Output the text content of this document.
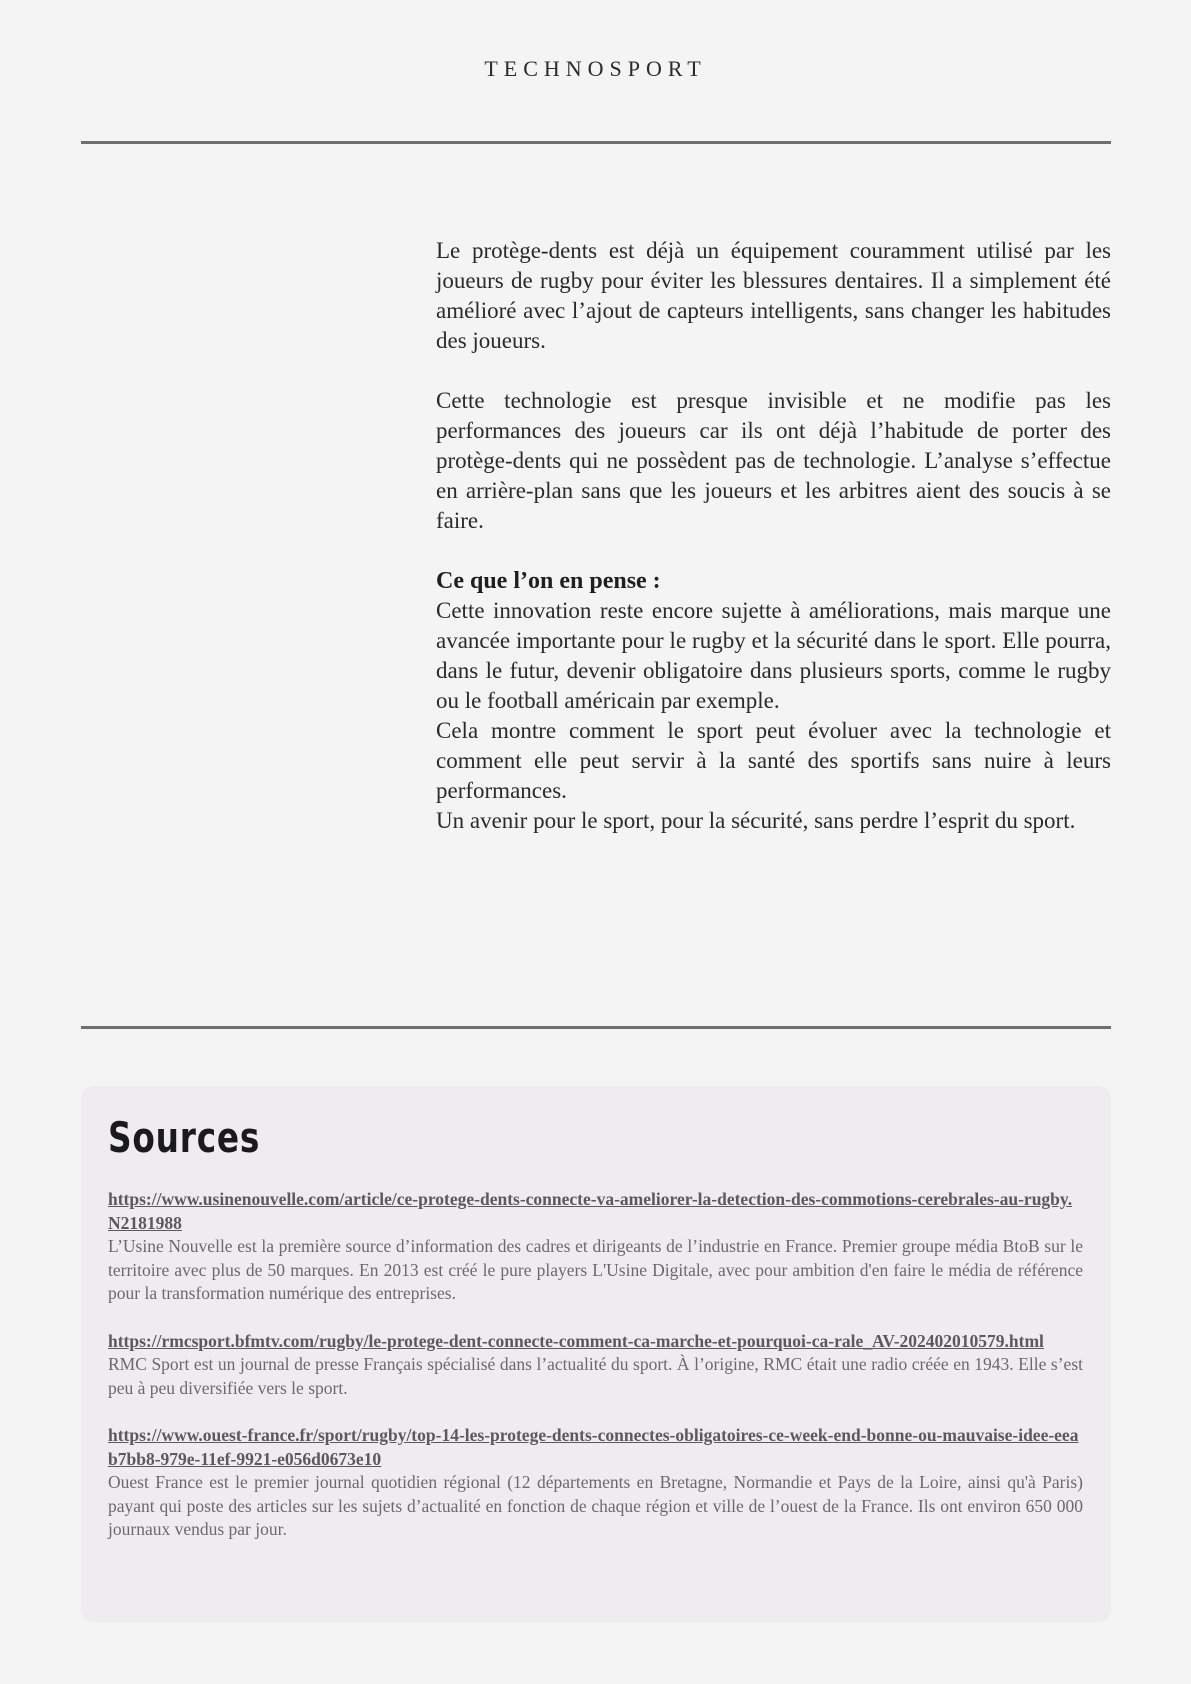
TECHNOSPORT

Le protège-dents est déjà un équipement couramment utilisé par les joueurs de rugby pour éviter les blessures dentaires. Il a simplement été amélioré avec l’ajout de capteurs intelligents, sans changer les habitudes des joueurs.

Cette technologie est presque invisible et ne modifie pas les performances des joueurs car ils ont déjà l’habitude de porter des protège-dents qui ne possèdent pas de technologie. L’analyse s’effectue en arrière-plan sans que les joueurs et les arbitres aient des soucis à se faire.

Ce que l’on en pense :

Cette innovation reste encore sujette à améliorations, mais marque une avancée importante pour le rugby et la sécurité dans le sport. Elle pourra, dans le futur, devenir obligatoire dans plusieurs sports, comme le rugby ou le football américain par exemple.

Cela montre comment le sport peut évoluer avec la technologie et comment elle peut servir à la santé des sportifs sans nuire à leurs performances.

Un avenir pour le sport, pour la sécurité, sans perdre l’esprit du sport.

Sources
https://www.usinenouvelle.com/article/ce-protege-dents-connecte-va-ameliorer-la-detection-des-commotions-cerebrales-au-rugby.N2181988
L’Usine Nouvelle est la première source d’information des cadres et dirigeants de l’industrie en France. Premier groupe média BtoB sur le territoire avec plus de 50 marques. En 2013 est créé le pure players L'Usine Digitale, avec pour ambition d'en faire le média de référence pour la transformation numérique des entreprises.
https://rmcsport.bfmtv.com/rugby/le-protege-dent-connecte-comment-ca-marche-et-pourquoi-ca-rale_AV-202402010579.html
RMC Sport est un journal de presse Français spécialisé dans l’actualité du sport. À l’origine, RMC était une radio créée en 1943. Elle s’est peu à peu diversifiée vers le sport.
https://www.ouest-france.fr/sport/rugby/top-14-les-protege-dents-connectes-obligatoires-ce-week-end-bonne-ou-mauvaise-idee-eeab7bb8-979e-11ef-9921-e056d0673e10
Ouest France est le premier journal quotidien régional (12 départements en Bretagne, Normandie et Pays de la Loire, ainsi qu'à Paris) payant qui poste des articles sur les sujets d’actualité en fonction de chaque région et ville de l’ouest de la France. Ils ont environ 650 000 journaux vendus par jour.
